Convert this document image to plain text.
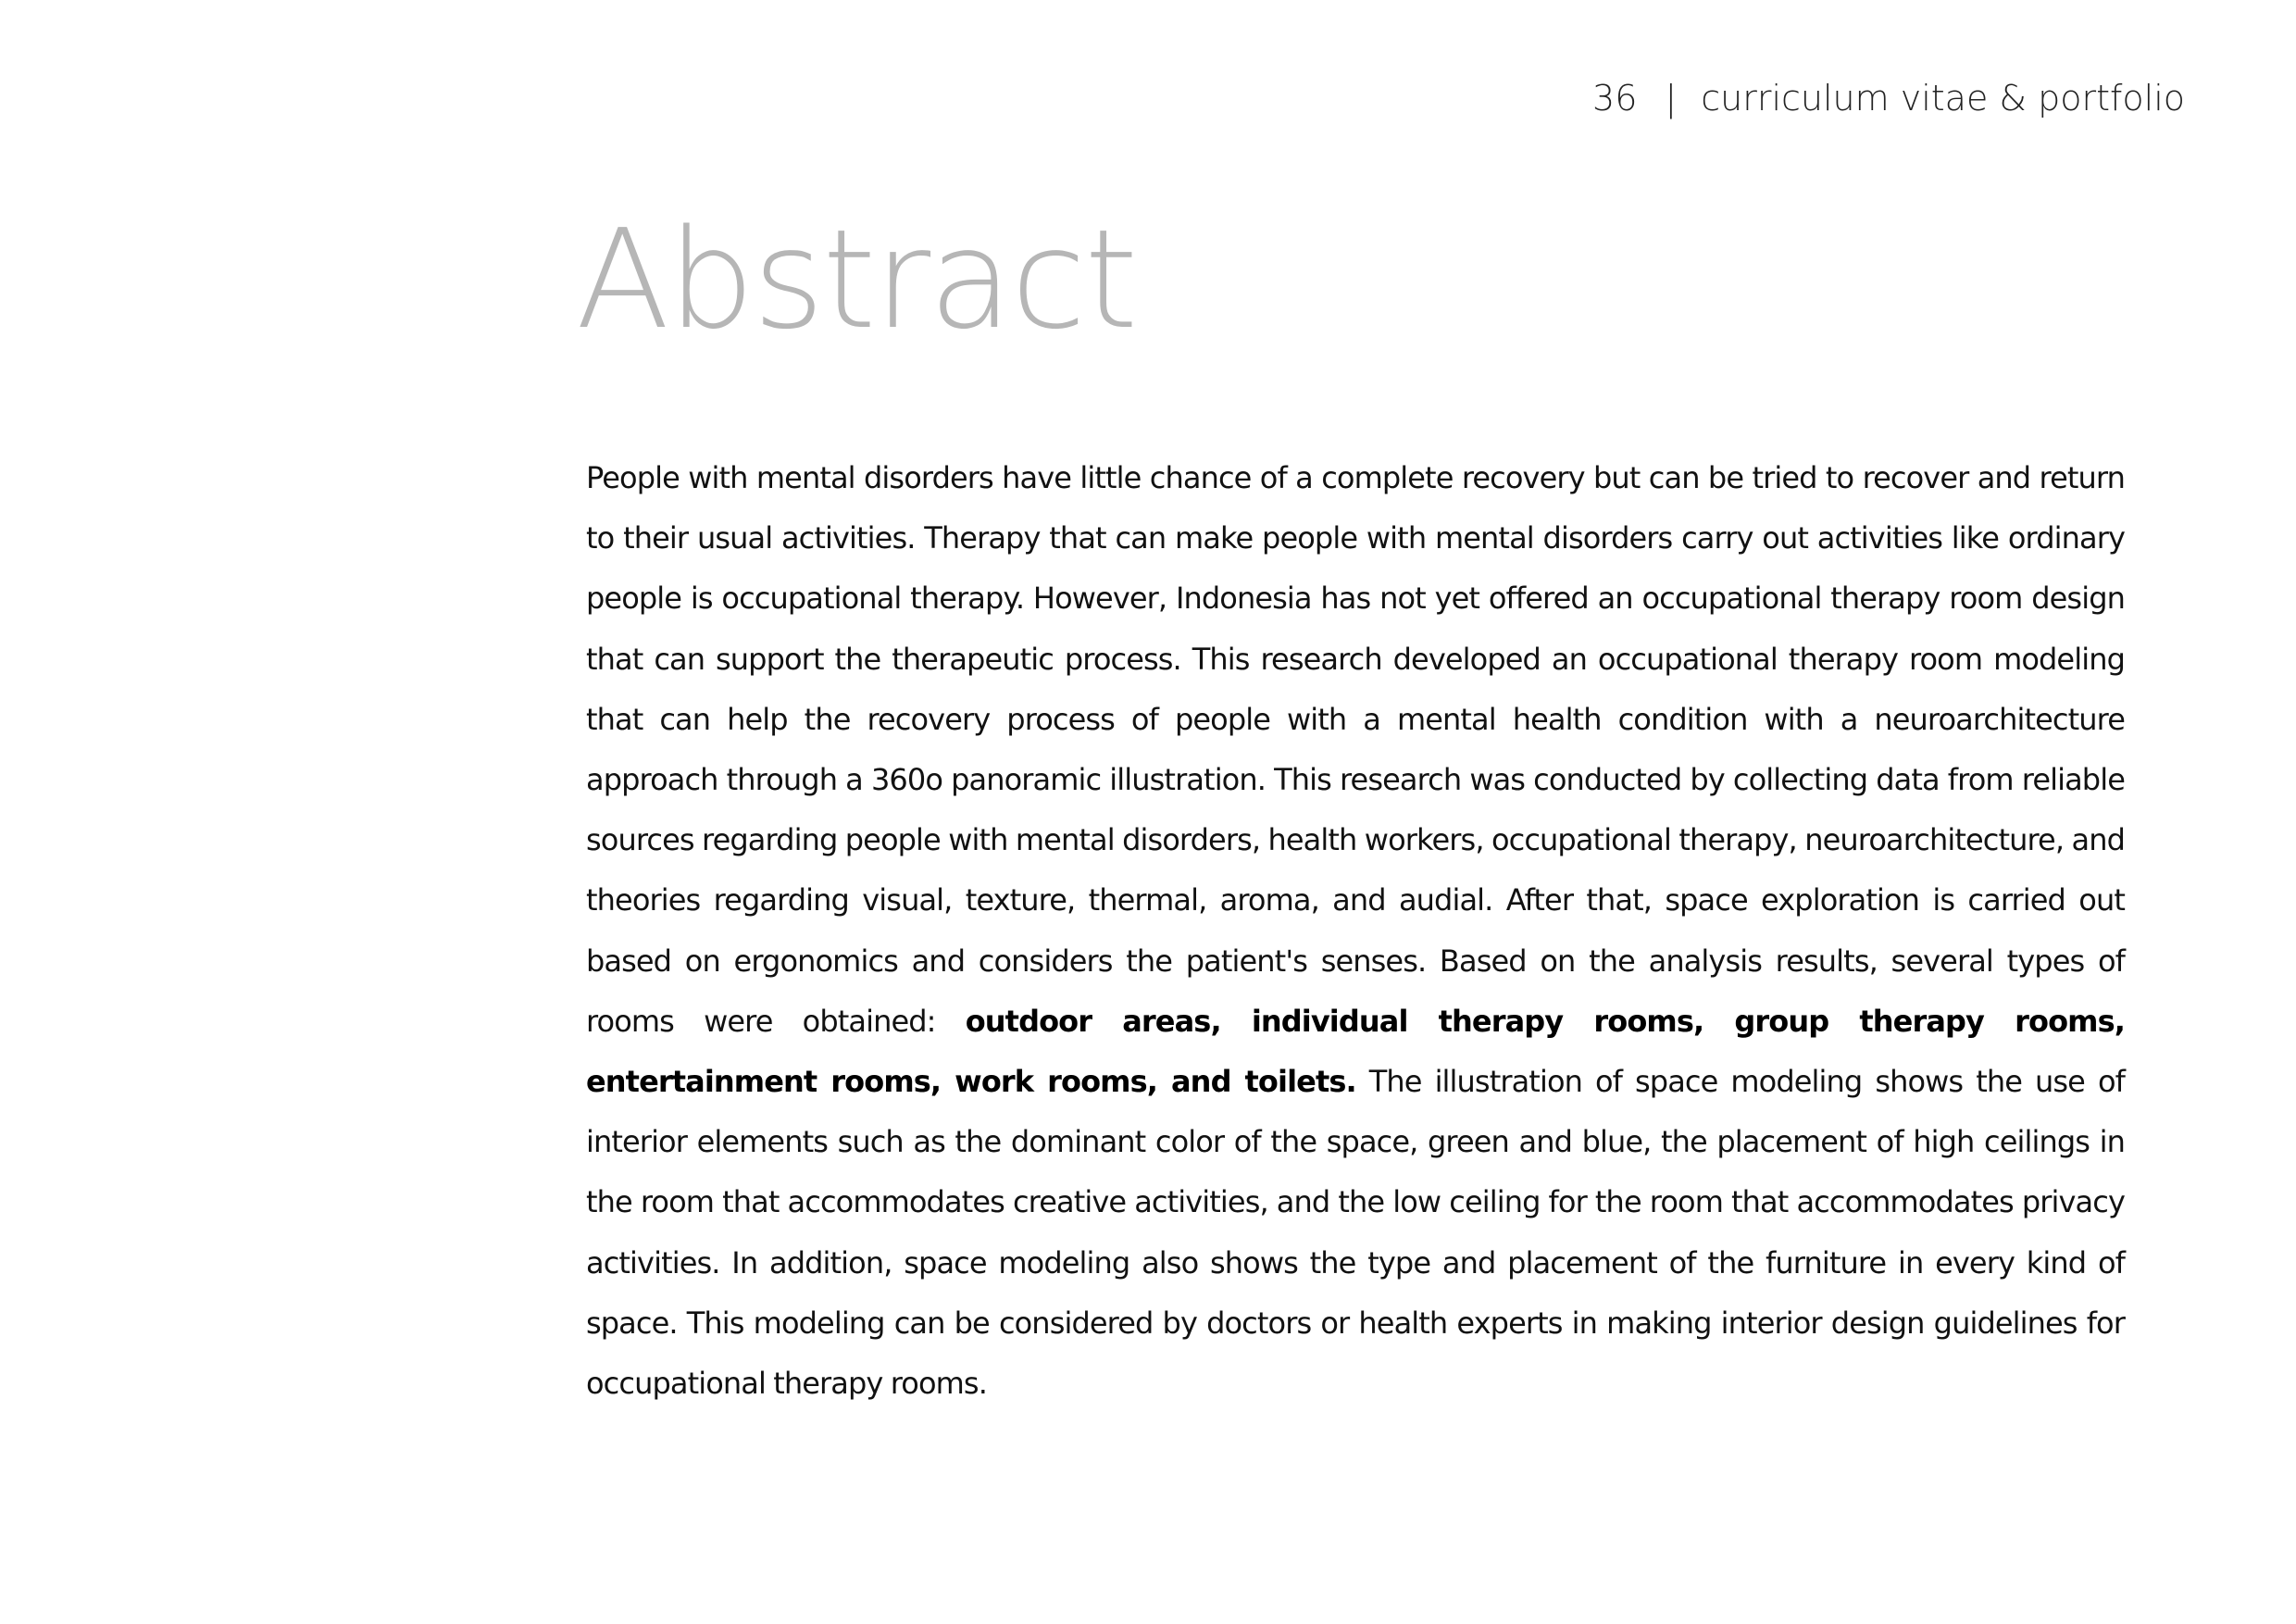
36 | curriculum vitae & portfolio
Abstract

People with mental disorders have little chance of a complete recovery but can be tried to recover and return to their usual activities. Therapy that can make people with mental disorders carry out activities like ordinary people is occupational therapy. However, Indonesia has not yet offered an occupational therapy room design that can support the therapeutic process. This research developed an occupational therapy room modeling that can help the recovery process of people with a mental health condition with a neuroarchitecture approach through a 360o panoramic illustration. This research was conducted by collecting data from reliable sources regarding people with mental disorders, health workers, occupational therapy, neuroarchitecture, and theories regarding visual, texture, thermal, aroma, and audial. After that, space exploration is carried out based on ergonomics and considers the patient's senses. Based on the analysis results, several types of rooms were obtained: outdoor areas, individual therapy rooms, group therapy rooms, entertainment rooms, work rooms, and toilets. The illustration of space modeling shows the use of interior elements such as the dominant color of the space, green and blue, the placement of high ceilings in the room that accommodates creative activities, and the low ceiling for the room that accommodates privacy activities. In addition, space modeling also shows the type and placement of the furniture in every kind of space. This modeling can be considered by doctors or health experts in making interior design guidelines for occupational therapy rooms.
